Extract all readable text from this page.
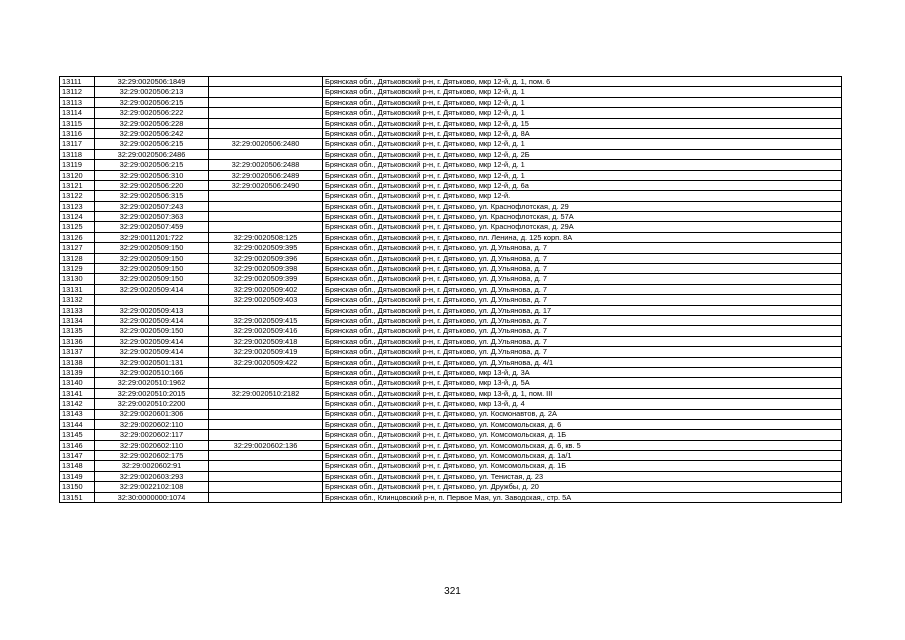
13111	32:29:0020506:1849		Брянская обл., Дятьковский р-н, г. Дятьково, мкр 12-й, д. 1, пом. 6
13112	32:29:0020506:213		Брянская обл., Дятьковский р-н, г. Дятьково, мкр 12-й, д. 1
13113	32:29:0020506:215		Брянская обл., Дятьковский р-н, г. Дятьково, мкр 12-й, д. 1
13114	32:29:0020506:222		Брянская обл., Дятьковский р-н, г. Дятьково, мкр 12-й, д. 1
13115	32:29:0020506:228		Брянская обл., Дятьковский р-н, г. Дятьково, мкр 12-й, д. 15
13116	32:29:0020506:242		Брянская обл., Дятьковский р-н, г. Дятьково, мкр 12-й, д. 8А
13117	32:29:0020506:215	32:29:0020506:2480	Брянская обл., Дятьковский р-н, г. Дятьково, мкр 12-й, д. 1
13118	32:29:0020506:2486		Брянская обл., Дятьковский р-н, г. Дятьково, мкр 12-й, д. 2Б
13119	32:29:0020506:215	32:29:0020506:2488	Брянская обл., Дятьковский р-н, г. Дятьково, мкр 12-й, д. 1
13120	32:29:0020506:310	32:29:0020506:2489	Брянская обл., Дятьковский р-н, г. Дятьково, мкр 12-й, д. 1
13121	32:29:0020506:220	32:29:0020506:2490	Брянская обл., Дятьковский р-н, г. Дятьково, мкр 12-й, д. 6а
13122	32:29:0020506:315		Брянская обл., Дятьковский р-н, г. Дятьково, мкр 12-й.
13123	32:29:0020507:243		Брянская обл., Дятьковский р-н, г. Дятьково, ул. Краснофлотская, д. 29
13124	32:29:0020507:363		Брянская обл., Дятьковский р-н, г. Дятьково, ул. Краснофлотская, д. 57А
13125	32:29:0020507:459		Брянская обл., Дятьковский р-н, г. Дятьково, ул. Краснофлотская, д. 29А
13126	32:29:0011201:722	32:29:0020508:125	Брянская обл., Дятьковский р-н, г. Дятьково, пл. Ленина, д. 125 корп. 8А
13127	32:29:0020509:150	32:29:0020509:395	Брянская обл., Дятьковский р-н, г. Дятьково, ул. Д.Ульянова, д. 7
13128	32:29:0020509:150	32:29:0020509:396	Брянская обл., Дятьковский р-н, г. Дятьково, ул. Д.Ульянова, д. 7
13129	32:29:0020509:150	32:29:0020509:398	Брянская обл., Дятьковский р-н, г. Дятьково, ул. Д.Ульянова, д. 7
13130	32:29:0020509:150	32:29:0020509:399	Брянская обл., Дятьковский р-н, г. Дятьково, ул. Д.Ульянова, д. 7
13131	32:29:0020509:414	32:29:0020509:402	Брянская обл., Дятьковский р-н, г. Дятьково, ул. Д.Ульянова, д. 7
13132		32:29:0020509:403	Брянская обл., Дятьковский р-н, г. Дятьково, ул. Д.Ульянова, д. 7
13133	32:29:0020509:413		Брянская обл., Дятьковский р-н, г. Дятьково, ул. Д.Ульянова, д. 17
13134	32:29:0020509:414	32:29:0020509:415	Брянская обл., Дятьковский р-н, г. Дятьково, ул. Д.Ульянова, д. 7
13135	32:29:0020509:150	32:29:0020509:416	Брянская обл., Дятьковский р-н, г. Дятьково, ул. Д.Ульянова, д. 7
13136	32:29:0020509:414	32:29:0020509:418	Брянская обл., Дятьковский р-н, г. Дятьково, ул. Д.Ульянова, д. 7
13137	32:29:0020509:414	32:29:0020509:419	Брянская обл., Дятьковский р-н, г. Дятьково, ул. Д.Ульянова, д. 7
13138	32:29:0020501:131	32:29:0020509:422	Брянская обл., Дятьковский р-н, г. Дятьково, ул. Д.Ульянова, д. 4/1
13139	32:29:0020510:166		Брянская обл., Дятьковский р-н, г. Дятьково, мкр 13-й, д. 3А
13140	32:29:0020510:1962		Брянская обл., Дятьковский р-н, г. Дятьково, мкр 13-й, д. 5А
13141	32:29:0020510:2015	32:29:0020510:2182	Брянская обл., Дятьковский р-н, г. Дятьково, мкр 13-й, д. 1, пом. III
13142	32:29:0020510:2200		Брянская обл., Дятьковский р-н, г. Дятьково, мкр 13-й, д. 4
13143	32:29:0020601:306		Брянская обл., Дятьковский р-н, г. Дятьково, ул. Космонавтов, д. 2А
13144	32:29:0020602:110		Брянская обл., Дятьковский р-н, г. Дятьково, ул. Комсомольская, д. 6
13145	32:29:0020602:117		Брянская обл., Дятьковский р-н, г. Дятьково, ул. Комсомольская, д. 1Б
13146	32:29:0020602:110	32:29:0020602:136	Брянская обл., Дятьковский р-н, г. Дятьково, ул. Комсомольская, д. 6, кв. 5
13147	32:29:0020602:175		Брянская обл., Дятьковский р-н, г. Дятьково, ул. Комсомольская, д. 1а/1
13148	32:29:0020602:91		Брянская обл., Дятьковский р-н, г. Дятьково, ул. Комсомольская, д. 1Б
13149	32:29:0020603:293		Брянская обл., Дятьковский р-н, г. Дятьково, ул. Тенистая, д. 23
13150	32:29:0022102:108		Брянская обл., Дятьковский р-н, г. Дятьково, ул. Дружбы, д. 20
13151	32:30:0000000:1074		Брянская обл., Клинцовский р-н, п. Первое Мая, ул. Заводская,, стр. 5А
321
